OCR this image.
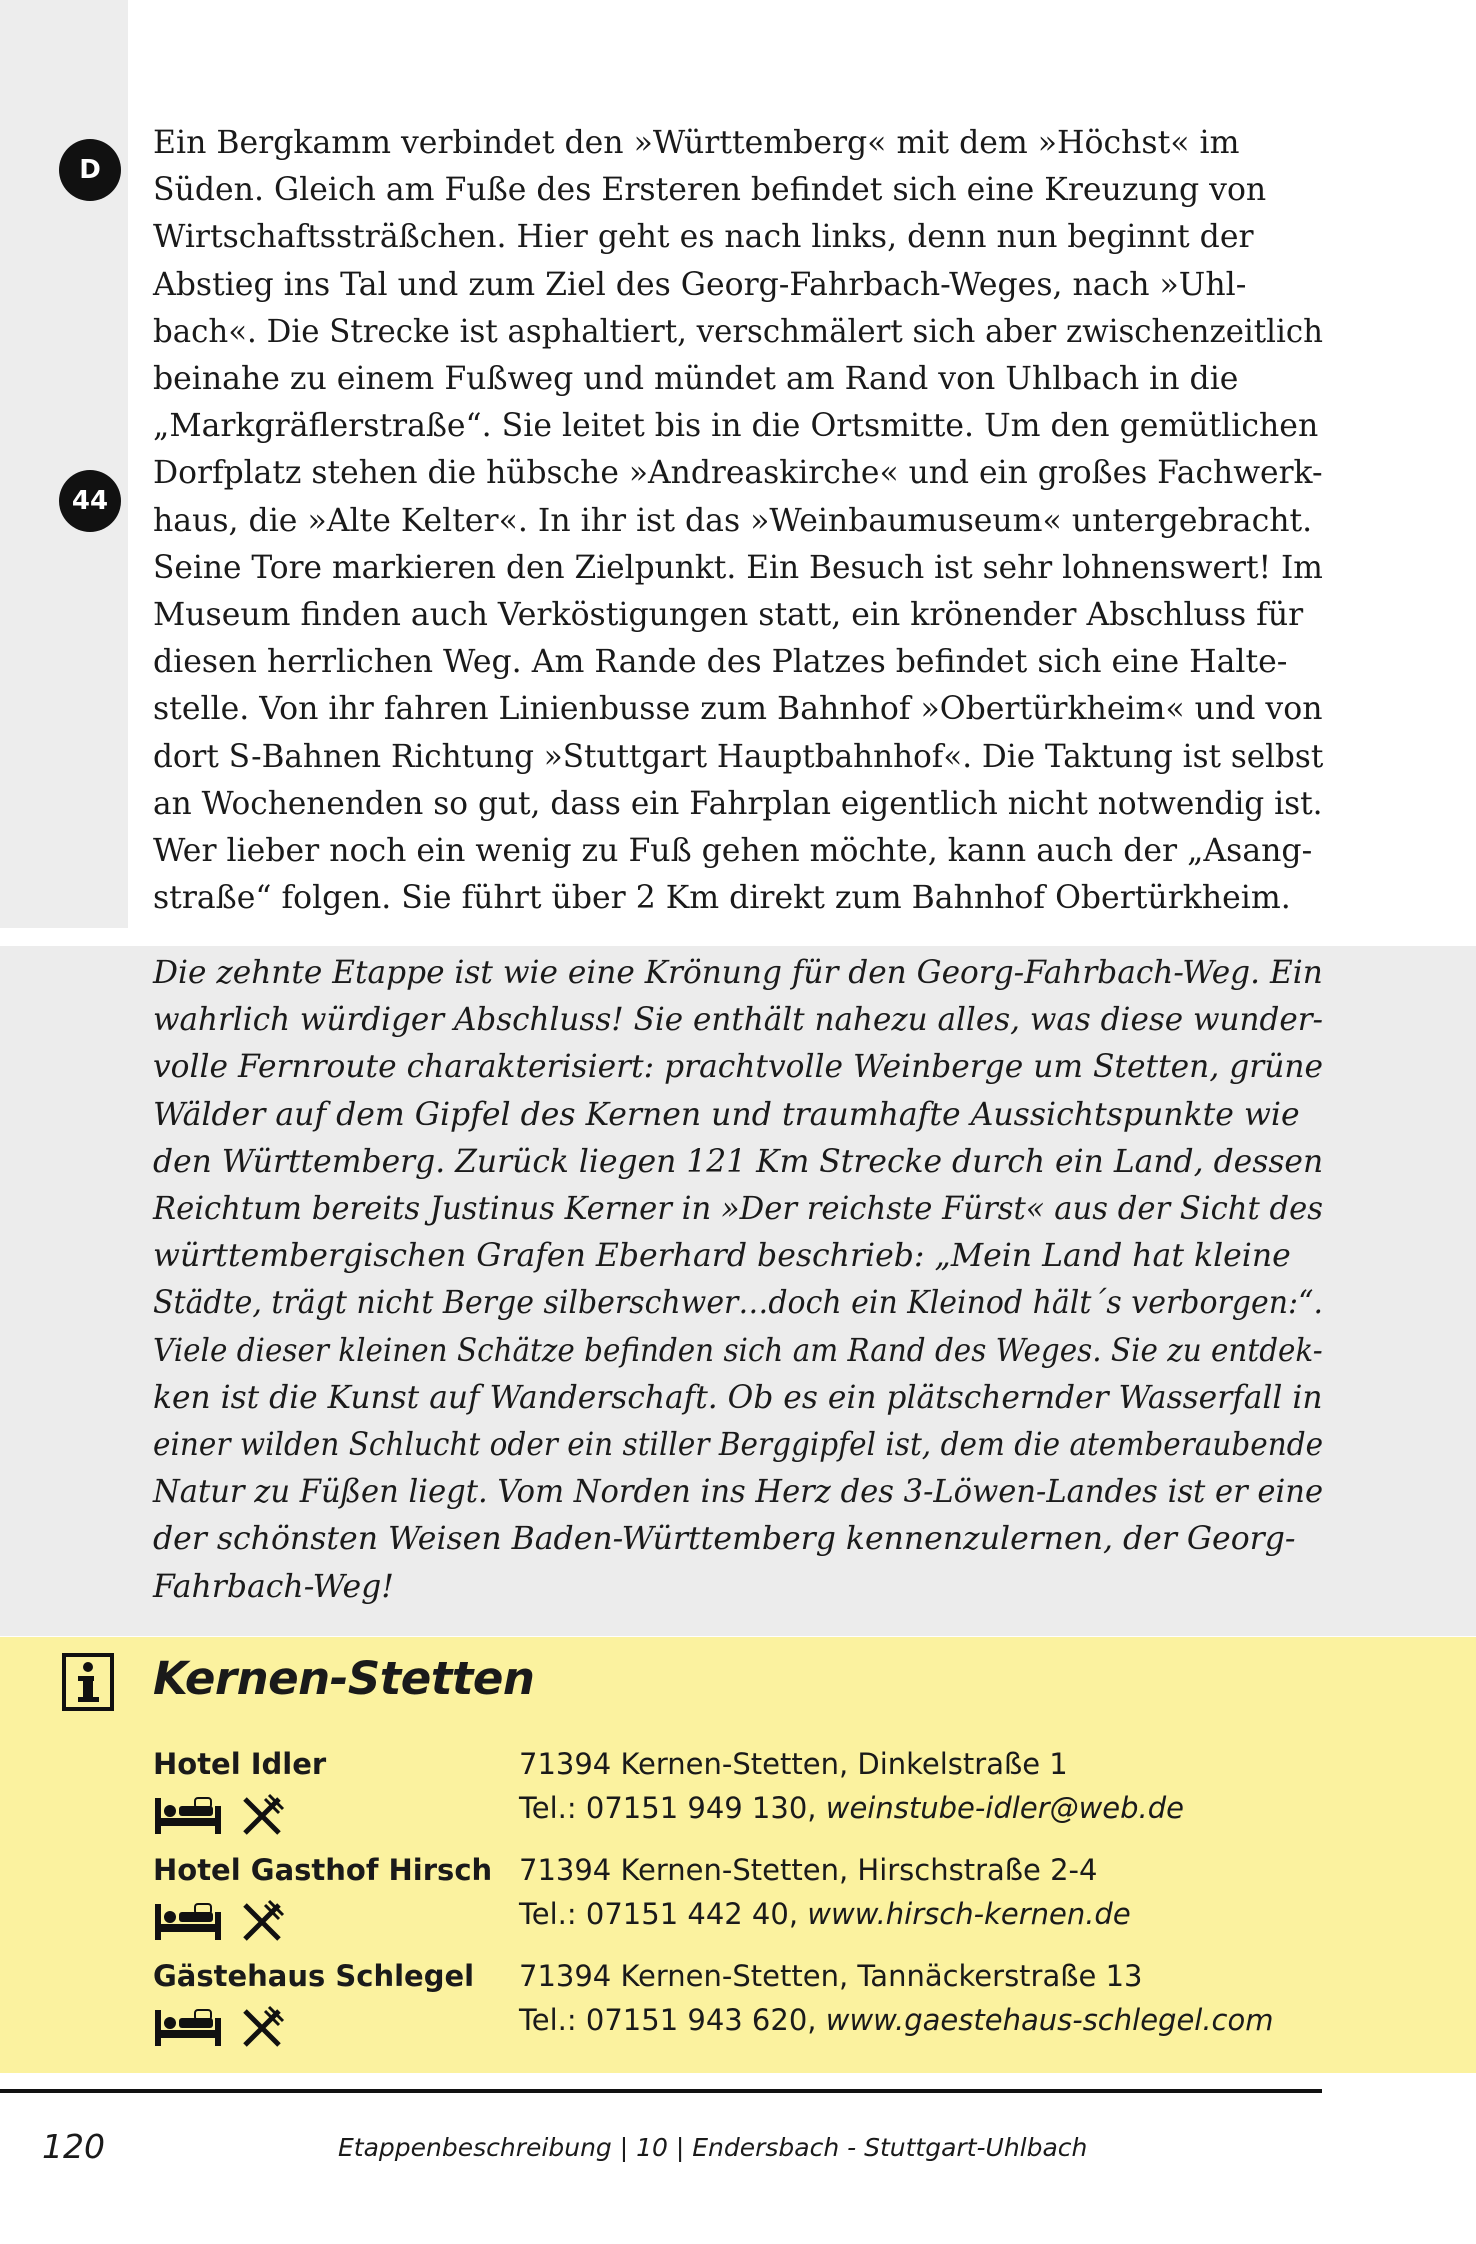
D
44
Ein Bergkamm verbindet den »Württemberg« mit dem »Höchst« im
Süden. Gleich am Fuße des Ersteren befindet sich eine Kreuzung von
Wirtschaftssträßchen. Hier geht es nach links, denn nun beginnt der
Abstieg ins Tal und zum Ziel des Georg-Fahrbach-Weges, nach »Uhl-
bach«. Die Strecke ist asphaltiert, verschmälert sich aber zwischenzeitlich
beinahe zu einem Fußweg und mündet am Rand von Uhlbach in die
„Markgräflerstraße“. Sie leitet bis in die Ortsmitte. Um den gemütlichen
Dorfplatz stehen die hübsche »Andreaskirche« und ein großes Fachwerk-
haus, die »Alte Kelter«. In ihr ist das »Weinbaumuseum« untergebracht.
Seine Tore markieren den Zielpunkt. Ein Besuch ist sehr lohnenswert! Im
Museum finden auch Verköstigungen statt, ein krönender Abschluss für
diesen herrlichen Weg. Am Rande des Platzes befindet sich eine Halte-
stelle. Von ihr fahren Linienbusse zum Bahnhof »Obertürkheim« und von
dort S-Bahnen Richtung »Stuttgart Hauptbahnhof«. Die Taktung ist selbst
an Wochenenden so gut, dass ein Fahrplan eigentlich nicht notwendig ist.
Wer lieber noch ein wenig zu Fuß gehen möchte, kann auch der „Asang-
straße“ folgen. Sie führt über 2 Km direkt zum Bahnhof Obertürkheim.
Die zehnte Etappe ist wie eine Krönung für den Georg-Fahrbach-Weg. Ein
wahrlich würdiger Abschluss! Sie enthält nahezu alles, was diese wunder-
volle Fernroute charakterisiert: prachtvolle Weinberge um Stetten, grüne
Wälder auf dem Gipfel des Kernen und traumhafte Aussichtspunkte wie
den Württemberg. Zurück liegen 121 Km Strecke durch ein Land, dessen
Reichtum bereits Justinus Kerner in »Der reichste Fürst« aus der Sicht des
württembergischen Grafen Eberhard beschrieb: „Mein Land hat kleine
Städte, trägt nicht Berge silberschwer…doch ein Kleinod hält´s verborgen:“.
Viele dieser kleinen Schätze befinden sich am Rand des Weges. Sie zu entdek-
ken ist die Kunst auf Wanderschaft. Ob es ein plätschernder Wasserfall in
einer wilden Schlucht oder ein stiller Berggipfel ist, dem die atemberaubende
Natur zu Füßen liegt. Vom Norden ins Herz des 3-Löwen-Landes ist er eine
der schönsten Weisen Baden-Württemberg kennenzulernen, der Georg-
Fahrbach-Weg!
Kernen-Stetten
Hotel Idler	71394 Kernen-Stetten, Dinkelstraße 1
Tel.: 07151 949 130, weinstube-idler@web.de
Hotel Gasthof Hirsch 71394 Kernen-Stetten, Hirschstraße 2-4
Tel.: 07151 442 40, www.hirsch-kernen.de
Gästehaus Schlegel 71394 Kernen-Stetten, Tannäckerstraße 13
Tel.: 07151 943 620, www.gaestehaus-schlegel.com
120	Etappenbeschreibung | 10 | Endersbach - Stuttgart-Uhlbach
